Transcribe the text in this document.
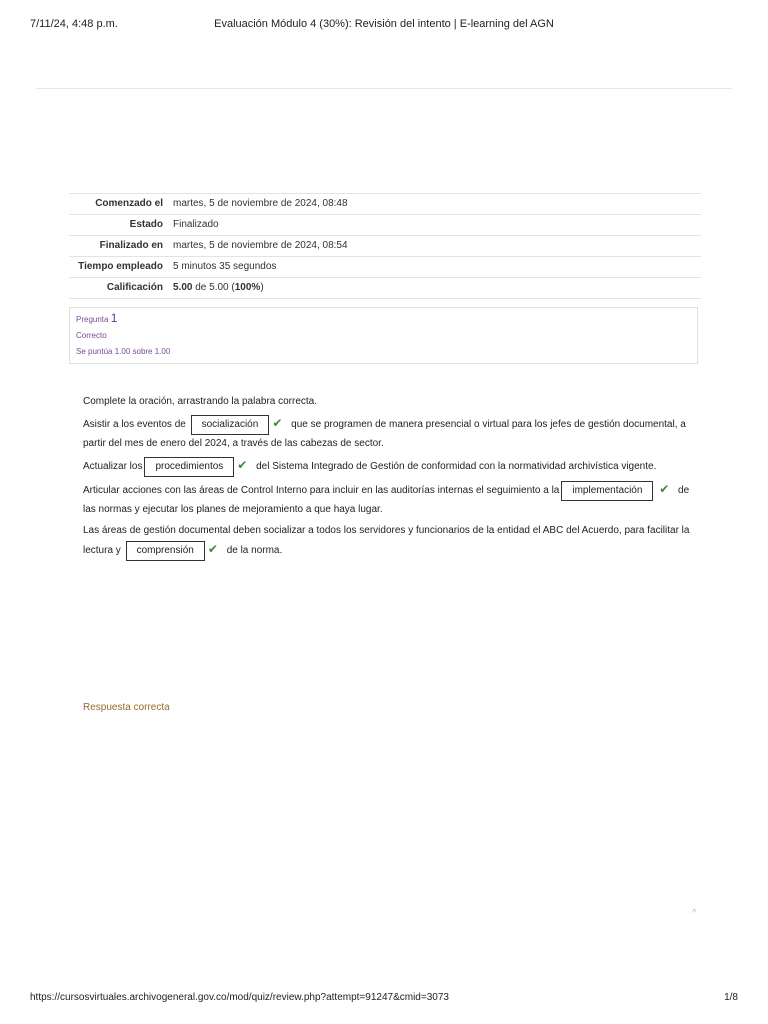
7/11/24, 4:48 p.m.	Evaluación Módulo 4 (30%): Revisión del intento | E-learning del AGN
Comenzado el	martes, 5 de noviembre de 2024, 08:48
Estado	Finalizado
Finalizado en	martes, 5 de noviembre de 2024, 08:54
Tiempo empleado	5 minutos 35 segundos
Calificación	5.00 de 5.00 (100%)
Pregunta 1
Correcto
Se puntúa 1.00 sobre 1.00

Complete la oración, arrastrando la palabra correcta.

Asistir a los eventos de socialización ✔ que se programen de manera presencial o virtual para los jefes de gestión documental, a partir del mes de enero del 2024, a través de las cabezas de sector.

Actualizar los procedimientos ✔ del Sistema Integrado de Gestión de conformidad con la normatividad archivística vigente.

Articular acciones con las áreas de Control Interno para incluir en las auditorías internas el seguimiento a la implementación ✔ de las normas y ejecutar los planes de mejoramiento a que haya lugar.

Las áreas de gestión documental deben socializar a todos los servidores y funcionarios de la entidad el ABC del Acuerdo, para facilitar la lectura y comprensión ✔ de la norma.

Respuesta correcta
^
https://cursosvirtuales.archivogeneral.gov.co/mod/quiz/review.php?attempt=91247&cmid=3073	1/8
